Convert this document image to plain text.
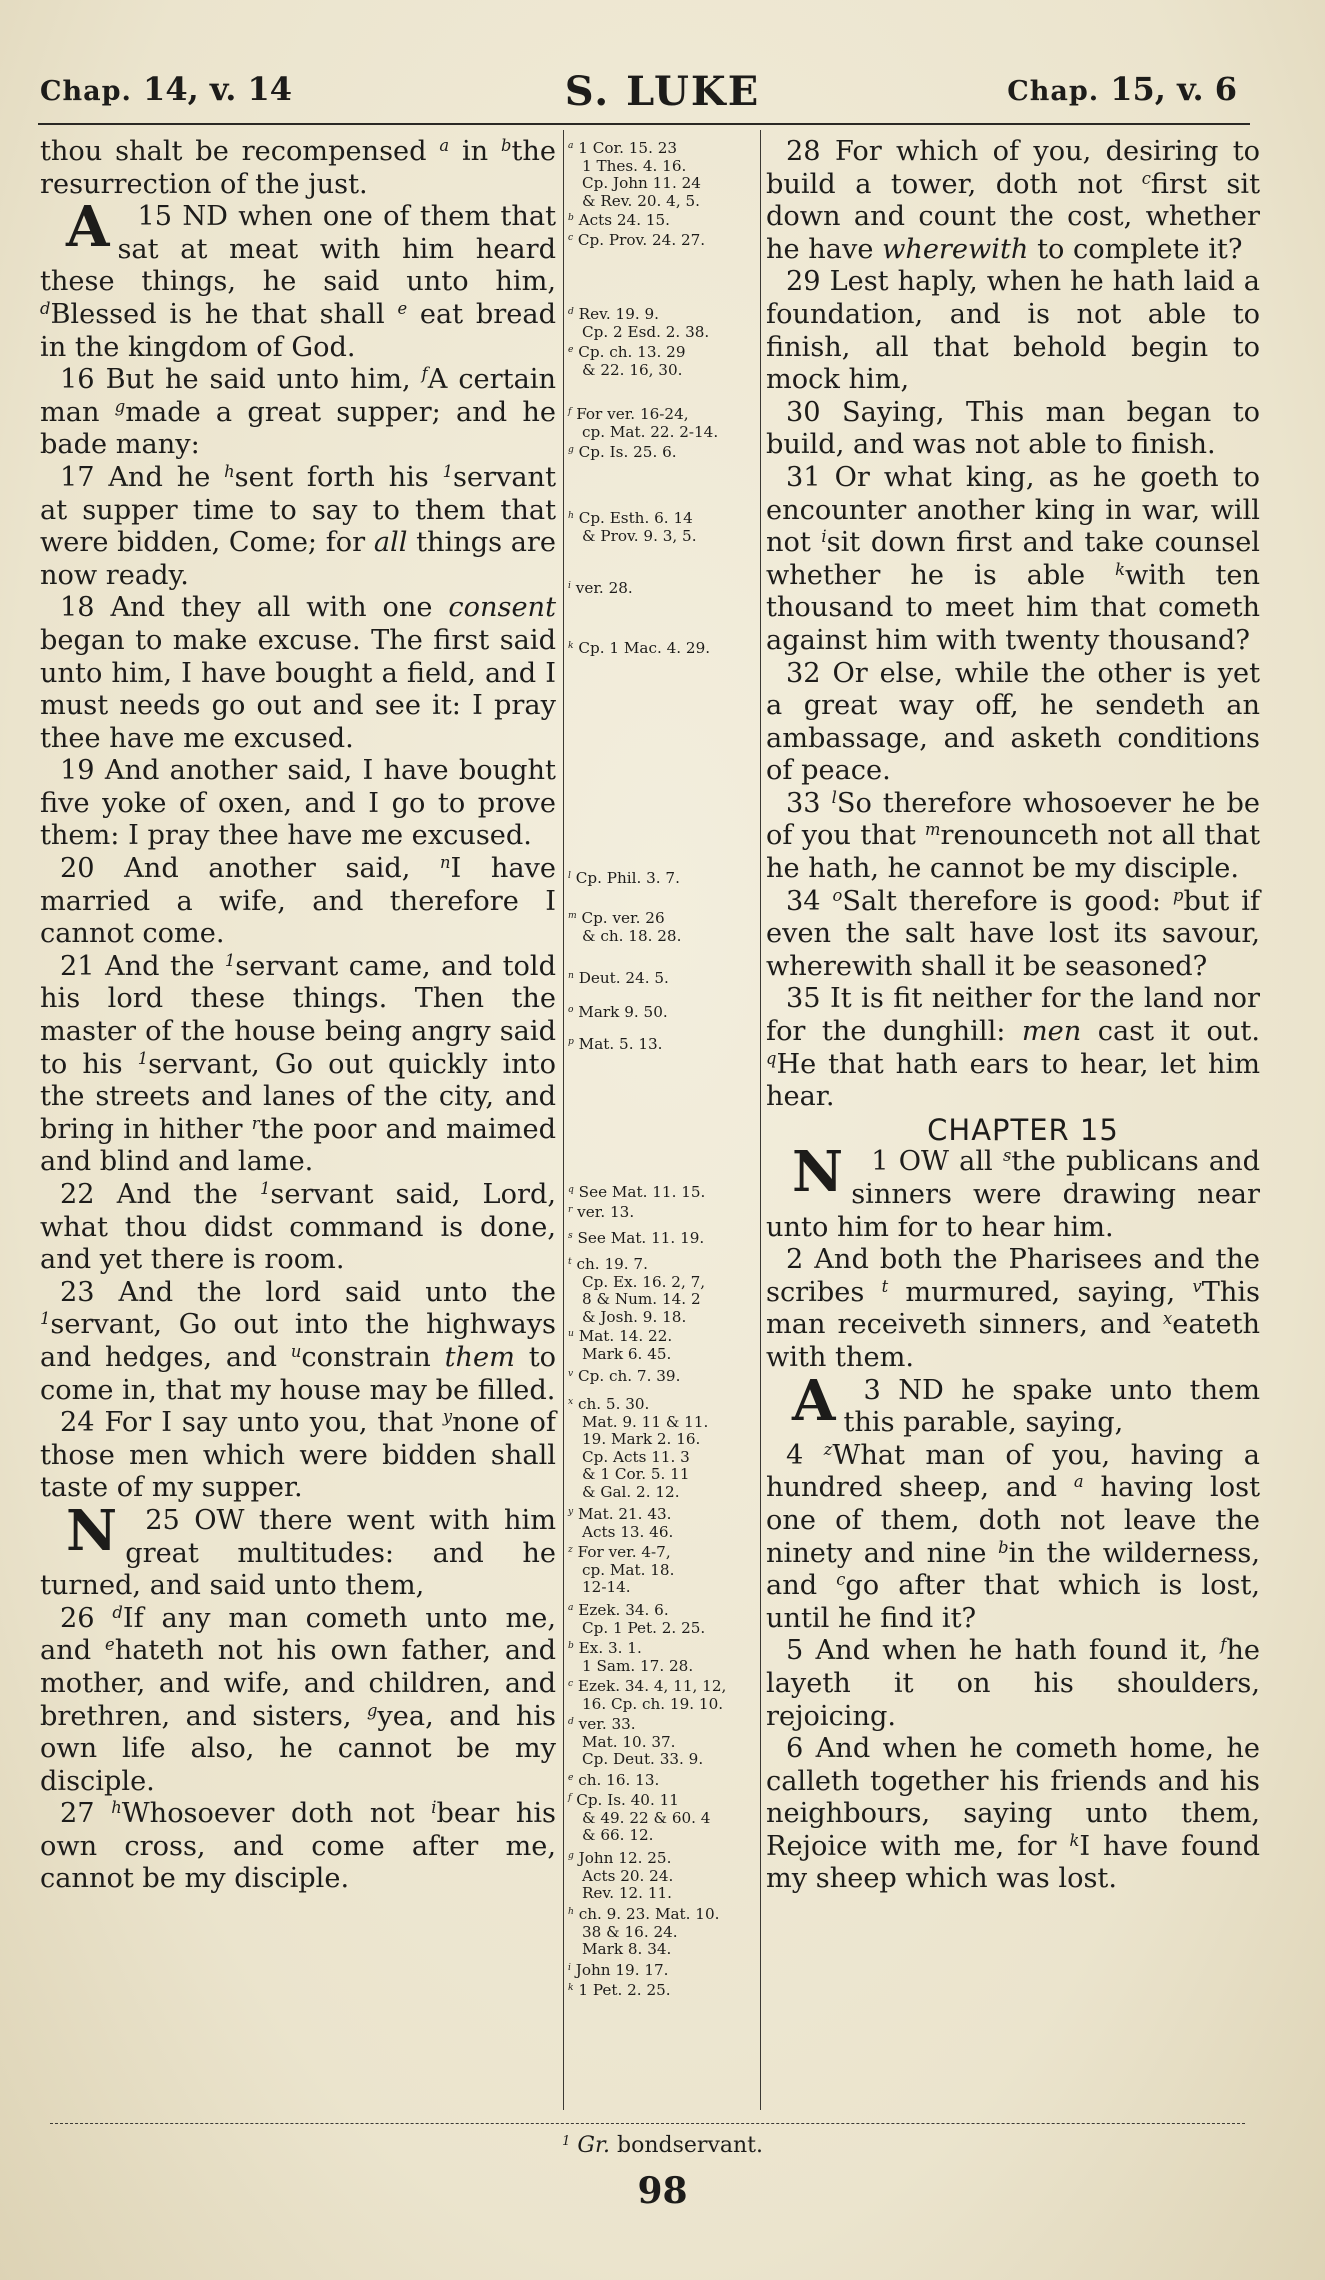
Chap. 14, v. 14	S. LUKE	Chap. 15, v. 6

thou shalt be recompensed $^a$ in $^b$the resurrection of the just.

15
A	ND when one of them that sat at meat with him heard these things, he said unto him, $^d$Blessed is he that shall $^e$ eat bread in the kingdom of God.

16 But he said unto him, $^f$A certain man $^g$made a great supper; and he bade many:

17 And he $^h$sent forth his $^1$servant at supper time to say to them that were bidden, Come; for all things are now ready.

18 And they all with one consent began to make excuse. The first said unto him, I have bought a field, and I must needs go out and see it: I pray thee have me excused.

19 And another said, I have bought five yoke of oxen, and I go to prove them: I pray thee have me excused.

20 And another said, $^n$I have married a wife, and therefore I cannot come.

21 And the $^1$servant came, and told his lord these things. Then the master of the house being angry said to his $^1$servant, Go out quickly into the streets and lanes of the city, and bring in hither $^r$the poor and maimed and blind and lame.

22 And the $^1$servant said, Lord, what thou didst command is done, and yet there is room.

23 And the lord said unto the $^1$servant, Go out into the highways and hedges, and $^u$constrain them to come in, that my house may be filled.

24 For I say unto you, that $^y$none of those men which were bidden shall taste of my supper.

25
N	OW there went with him great multitudes: and he turned, and said unto them,

26 $^d$If any man cometh unto me, and $^e$hateth not his own father, and mother, and wife, and children, and brethren, and sisters, $^g$yea, and his own life also, he cannot be my disciple.

27 $^h$Whosoever doth not $^i$bear his own cross, and come after me, cannot be my disciple.

$^a$ 1 Cor. 15. 23
1 Thes. 4. 16.
Cp. John 11. 24
& Rev. 20. 4, 5.
$^b$ Acts 24. 15.
$^c$ Cp. Prov. 24. 27.
$^d$ Rev. 19. 9.
Cp. 2 Esd. 2. 38.
$^e$ Cp. ch. 13. 29
& 22. 16, 30.
$^f$ For ver. 16-24,
cp. Mat. 22. 2-14.
$^g$ Cp. Is. 25. 6.
$^h$ Cp. Esth. 6. 14
& Prov. 9. 3, 5.
$^i$ ver. 28.
$^k$ Cp. 1 Mac. 4. 29.
$^l$ Cp. Phil. 3. 7.
$^m$ Cp. ver. 26
& ch. 18. 28.
$^n$ Deut. 24. 5.
$^o$ Mark 9. 50.
$^p$ Mat. 5. 13.
$^q$ See Mat. 11. 15.
$^r$ ver. 13.
$^s$ See Mat. 11. 19.
$^t$ ch. 19. 7.
Cp. Ex. 16. 2, 7,
8 & Num. 14. 2
& Josh. 9. 18.
$^u$ Mat. 14. 22.
Mark 6. 45.
$^v$ Cp. ch. 7. 39.
$^x$ ch. 5. 30.
Mat. 9. 11 & 11.
19. Mark 2. 16.
Cp. Acts 11. 3
& 1 Cor. 5. 11
& Gal. 2. 12.
$^y$ Mat. 21. 43.
Acts 13. 46.
$^z$ For ver. 4-7,
cp. Mat. 18.
12-14.
$^a$ Ezek. 34. 6.
Cp. 1 Pet. 2. 25.
$^b$ Ex. 3. 1.
1 Sam. 17. 28.
$^c$ Ezek. 34. 4, 11, 12,
16. Cp. ch. 19. 10.
$^d$ ver. 33.
Mat. 10. 37.
Cp. Deut. 33. 9.
$^e$ ch. 16. 13.
$^f$ Cp. Is. 40. 11
& 49. 22 & 60. 4
& 66. 12.
$^g$ John 12. 25.
Acts 20. 24.
Rev. 12. 11.
$^h$ ch. 9. 23. Mat. 10.
38 & 16. 24.
Mark 8. 34.
$^i$ John 19. 17.
$^k$ 1 Pet. 2. 25.

28 For which of you, desiring to build a tower, doth not $^c$first sit down and count the cost, whether he have wherewith to complete it?

29 Lest haply, when he hath laid a foundation, and is not able to finish, all that behold begin to mock him,

30 Saying, This man began to build, and was not able to finish.

31 Or what king, as he goeth to encounter another king in war, will not $^i$sit down first and take counsel whether he is able $^k$with ten thousand to meet him that cometh against him with twenty thousand?

32 Or else, while the other is yet a great way off, he sendeth an ambassage, and asketh conditions of peace.

33 $^l$So therefore whosoever he be of you that $^m$renounceth not all that he hath, he cannot be my disciple.

34 $^o$Salt therefore is good: $^p$but if even the salt have lost its savour, wherewith shall it be seasoned?

35 It is fit neither for the land nor for the dunghill: men cast it out. $^q$He that hath ears to hear, let him hear.

CHAPTER 15

1
N OW all $^s$the publicans and sinners were drawing near unto him for to hear him.

2 And both the Pharisees and the scribes $^t$ murmured, saying, $^v$This man receiveth sinners, and $^x$eateth with them.

3
A ND he spake unto them this parable, saying,

4 $^z$What man of you, having a hundred sheep, and $^a$ having lost one of them, doth not leave the ninety and nine $^b$in the wilderness, and $^c$go after that which is lost, until he find it?

5 And when he hath found it, $^f$he layeth it on his shoulders, rejoicing.

6 And when he cometh home, he calleth together his friends and his neighbours, saying unto them, Rejoice with me, for $^k$I have found my sheep which was lost.

$^1$ Gr. bondservant.
98
